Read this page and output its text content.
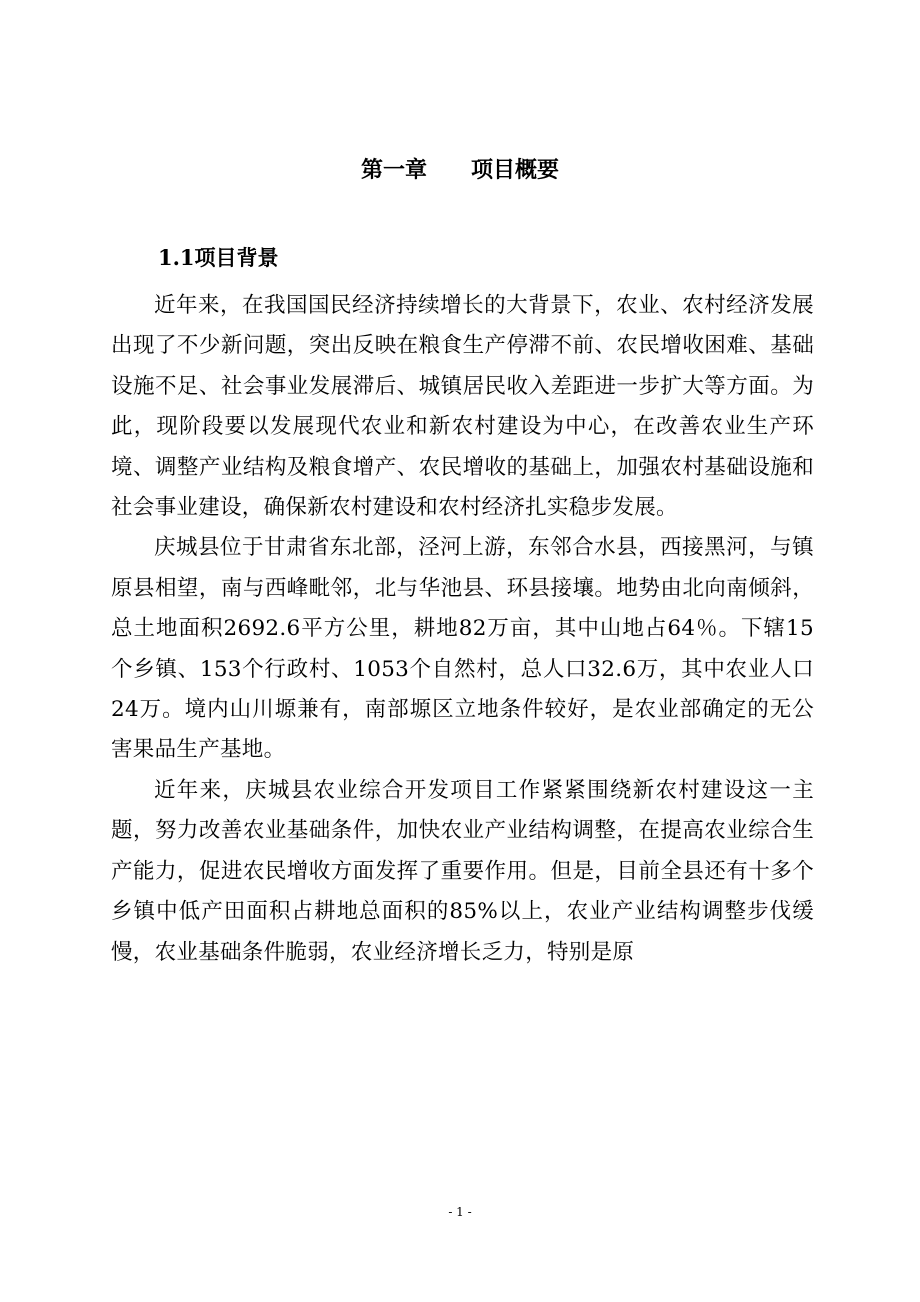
第一章　　项目概要
1.1项目背景

近年来，在我国国民经济持续增长的大背景下，农业、农村经济发展出现了不少新问题，突出反映在粮食生产停滞不前、农民增收困难、基础设施不足、社会事业发展滞后、城镇居民收入差距进一步扩大等方面。为此，现阶段要以发展现代农业和新农村建设为中心，在改善农业生产环境、调整产业结构及粮食增产、农民增收的基础上，加强农村基础设施和社会事业建设，确保新农村建设和农村经济扎实稳步发展。

庆城县位于甘肃省东北部，泾河上游，东邻合水县，西接黑河，与镇原县相望，南与西峰毗邻，北与华池县、环县接壤。地势由北向南倾斜，总土地面积2692.6平方公里，耕地82万亩，其中山地占64％。下辖15个乡镇、153个行政村、1053个自然村，总人口32.6万，其中农业人口24万。境内山川塬兼有，南部塬区立地条件较好，是农业部确定的无公害果品生产基地。

近年来，庆城县农业综合开发项目工作紧紧围绕新农村建设这一主题，努力改善农业基础条件，加快农业产业结构调整，在提高农业综合生产能力，促进农民增收方面发挥了重要作用。但是，目前全县还有十多个乡镇中低产田面积占耕地总面积的85%以上，农业产业结构调整步伐缓慢，农业基础条件脆弱，农业经济增长乏力，特别是原

- 1 -
